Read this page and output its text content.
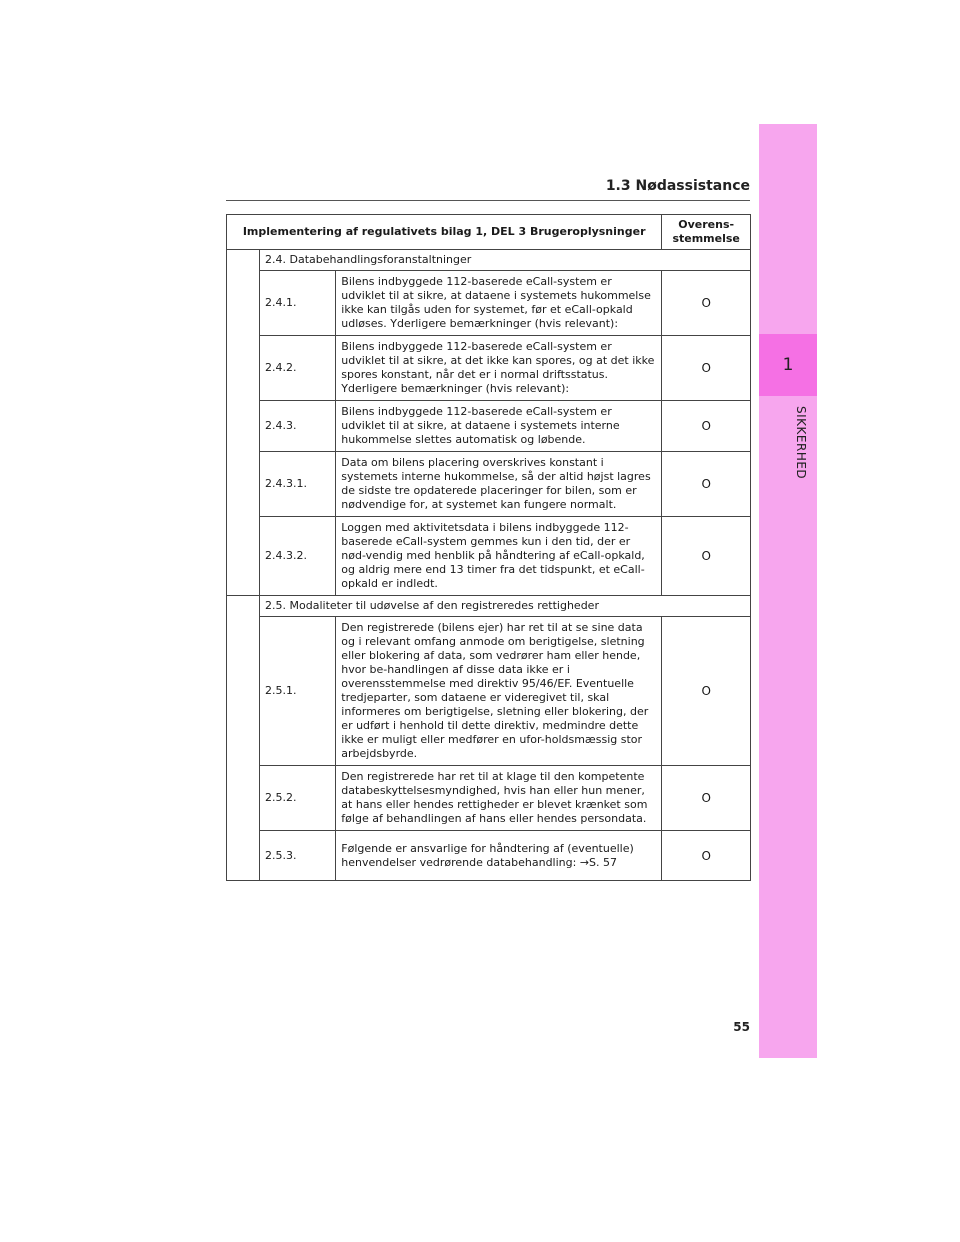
1
SIKKERHED
1.3 Nødassistance
Implementering af regulativets bilag 1, DEL 3 Brugeroplysninger			Overens- stemmelse
	2.4. Databehandlingsforanstaltninger		
	2.4.1.	Bilens indbyggede 112-baserede eCall-system er udviklet til at sikre, at dataene i systemets hukommelse ikke kan tilgås uden for systemet, før et eCall-opkald udløses. Yderligere bemærkninger (hvis relevant):	O
	2.4.2.	Bilens indbyggede 112-baserede eCall-system er udviklet til at sikre, at det ikke kan spores, og at det ikke spores konstant, når det er i normal driftsstatus. Yderligere bemærkninger (hvis relevant):	O
	2.4.3.	Bilens indbyggede 112-baserede eCall-system er udviklet til at sikre, at dataene i systemets interne hukommelse slettes automatisk og løbende.	O
	2.4.3.1.	Data om bilens placering overskrives konstant i systemets interne hukommelse, så der altid højst lagres de sidste tre opdaterede placeringer for bilen, som er nødvendige for, at systemet kan fungere normalt.	O
	2.4.3.2.	Loggen med aktivitetsdata i bilens indbyggede 112-baserede eCall-system gemmes kun i den tid, der er nød-vendig med henblik på håndtering af eCall-opkald, og aldrig mere end 13 timer fra det tidspunkt, et eCall-opkald er indledt.	O
	2.5. Modaliteter til udøvelse af den registreredes rettigheder		
	2.5.1.	Den registrerede (bilens ejer) har ret til at se sine data og i relevant omfang anmode om berigtigelse, sletning eller blokering af data, som vedrører ham eller hende, hvor be-handlingen af disse data ikke er i overensstemmelse med direktiv 95/46/EF. Eventuelle tredjeparter, som dataene er videregivet til, skal informeres om berigtigelse, sletning eller blokering, der er udført i henhold til dette direktiv, medmindre dette ikke er muligt eller medfører en ufor-holdsmæssig stor arbejdsbyrde.	O
	2.5.2.	Den registrerede har ret til at klage til den kompetente databeskyttelsesmyndighed, hvis han eller hun mener, at hans eller hendes rettigheder er blevet krænket som følge af behandlingen af hans eller hendes persondata.	O
	2.5.3.	Følgende er ansvarlige for håndtering af (eventuelle) henvendelser vedrørende databehandling: →S. 57	O
55
